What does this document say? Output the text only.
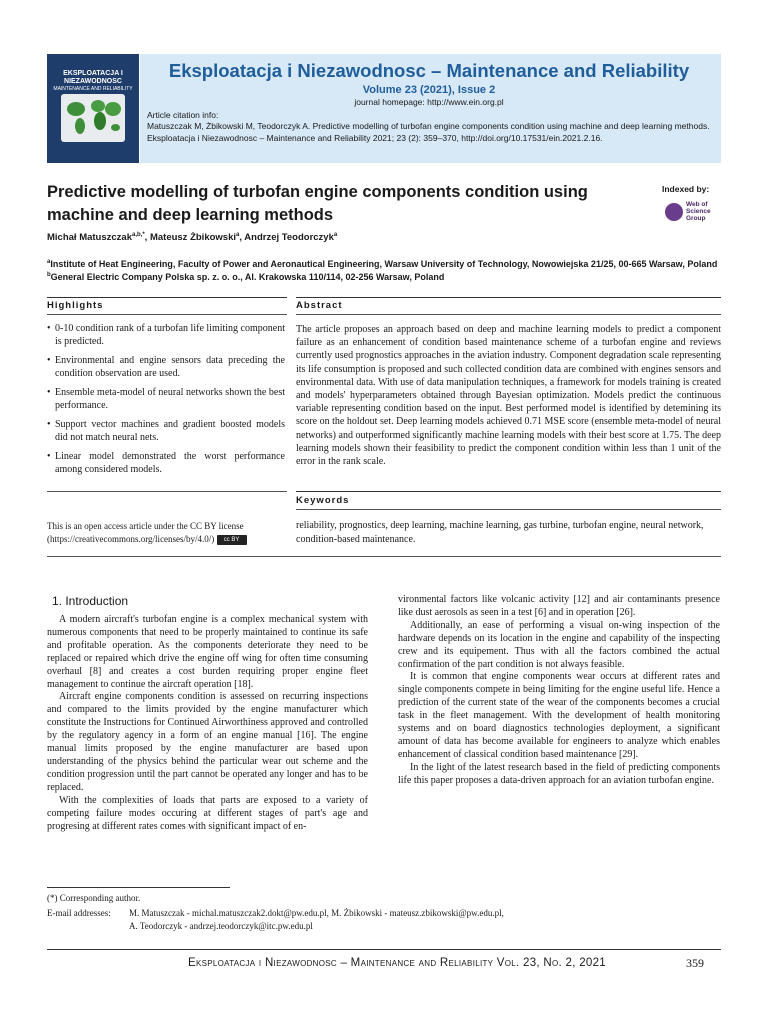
EKSPLOATACJA I NIEZAWODNOSC
MAINTENANCE AND RELIABILITY
Eksploatacja i Niezawodnosc – Maintenance and Reliability
Volume 23 (2021), Issue 2
journal homepage: http://www.ein.org.pl
Article citation info:
Matuszczak M, Żbikowski M, Teodorczyk A. Predictive modelling of turbofan engine components condition using machine and deep learning methods. Eksploatacja i Niezawodnosc – Maintenance and Reliability 2021; 23 (2): 359–370, http://doi.org/10.17531/ein.2021.2.16.
Predictive modelling of turbofan engine components condition using machine and deep learning methods
Indexed by:
Web of Science Group
Michał Matuszczak$^{a,b,*}$, Mateusz Żbikowski$^a$, Andrzej Teodorczyk$^a$
$^a$Institute of Heat Engineering, Faculty of Power and Aeronautical Engineering, Warsaw University of Technology, Nowowiejska 21/25, 00-665 Warsaw, Poland
$^b$General Electric Company Polska sp. z. o. o., Al. Krakowska 110/114, 02-256 Warsaw, Poland
Highlights	Abstract
• 0-10 condition rank of a turbofan life limiting component is predicted.
• Environmental and engine sensors data preceding the condition observation are used.
• Ensemble meta-model of neural networks shown the best performance.
• Support vector machines and gradient boosted models did not match neural nets.
• Linear model demonstrated the worst performance among considered models.

The article proposes an approach based on deep and machine learning models to predict a component failure as an enhancement of condition based maintenance scheme of a turbofan engine and reviews currently used prognostics approaches in the aviation industry. Component degradation scale representing its life consumption is proposed and such collected condition data are combined with engines sensors and environmental data. With use of data manipulation techniques, a framework for models training is created and models' hyperparameters obtained through Bayesian optimization. Models predict the continuous variable representing condition based on the input. Best performed model is identified by detemining its score on the holdout set. Deep learning models achieved 0.71 MSE score (ensemble meta-model of neural networks) and outperformed significantly machine learning models with their best score at 1.75. The deep learning models shown their feasibility to predict the component condition within less than 1 unit of the error in the rank scale.

Keywords
This is an open access article under the CC BY license (https://creativecommons.org/licenses/by/4.0/) cc BY

reliability, prognostics, deep learning, machine learning, gas turbine, turbofan engine, neural network, condition-based maintenance.

1. Introduction

A modern aircraft's turbofan engine is a complex mechanical system with numerous components that need to be properly maintained to continue its safe and profitable operation. As the components deteriorate they need to be replaced or repaired which drive the engine off wing for often time consuming overhaul [8] and creates a cost burden requiring proper engine fleet management to continue the aircraft operation [18].

Aircraft engine components condition is assessed on recurring inspections and compared to the limits provided by the engine manufacturer which constitute the Instructions for Continued Airworthiness approved and controlled by the regulatory agency in a form of an engine manual [16]. The engine manual limits proposed by the engine manufacturer are based upon understanding of the physics behind the particular wear out scheme and the condition progression until the part cannot be operated any longer and has to be replaced.

With the complexities of loads that parts are exposed to a variety of competing failure modes occuring at different stages of part's age and progresing at different rates comes with significant impact of en-

vironmental factors like volcanic activity [12] and air contaminants presence like dust aerosols as seen in a test [6] and in operation [26].

Additionally, an ease of performing a visual on-wing inspection of the hardware depends on its location in the engine and capability of the inspecting crew and its equipement. Thus with all the factors combined the actual confirmation of the part condition is not always feasible.

It is common that engine components wear occurs at different rates and single components compete in being limiting for the engine useful life. Hence a prediction of the current state of the wear of the components becomes a crucial task in the fleet management. With the development of health monitoring systems and on board diagnostics technologies deployment, a significant amount of data has become available for engineers to analyze which enables enhancement of classical condition based maintenance [29].

In the light of the latest research based in the field of predicting components life this paper proposes a data-driven approach for an aviation turbofan engine.

(*) Corresponding author.
E-mail addresses: M. Matuszczak - michal.matuszczak2.dokt@pw.edu.pl, M. Żbikowski - mateusz.zbikowski@pw.edu.pl,
A. Teodorczyk - andrzej.teodorczyk@itc.pw.edu.pl
Eksploatacja i Niezawodnosc – Maintenance and Reliability Vol. 23, No. 2, 2021	359
